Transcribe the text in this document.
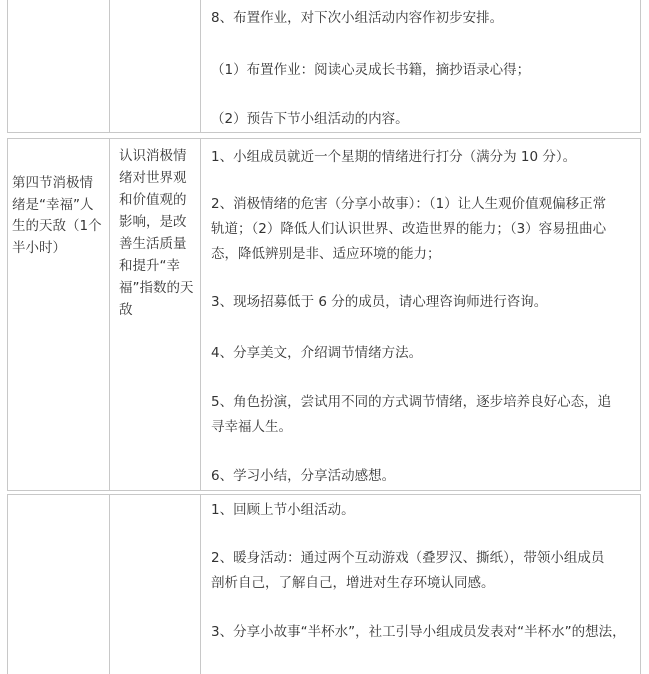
8、布置作业，对下次小组活动内容作初步安排。
（1）布置作业：阅读心灵成长书籍，摘抄语录心得；
（2）预告下节小组活动的内容。
第四节消极情绪是“幸福”人生的天敌（1个半小时）
认识消极情绪对世界观和价值观的影响，是改善生活质量和提升“幸福”指数的天敌
1、小组成员就近一个星期的情绪进行打分（满分为 10 分）。
2、消极情绪的危害（分享小故事）：（1）让人生观价值观偏移正常
轨道；（2）降低人们认识世界、改造世界的能力；（3）容易扭曲心
态，降低辨别是非、适应环境的能力；
3、现场招募低于 6 分的成员，请心理咨询师进行咨询。
4、分享美文，介绍调节情绪方法。
5、角色扮演，尝试用不同的方式调节情绪，逐步培养良好心态，追
寻幸福人生。
6、学习小结，分享活动感想。
1、回顾上节小组活动。
2、暖身活动：通过两个互动游戏（叠罗汉、撕纸），带领小组成员
剖析自己，了解自己，增进对生存环境认同感。
3、分享小故事“半杯水”，社工引导小组成员发表对“半杯水”的想法，
